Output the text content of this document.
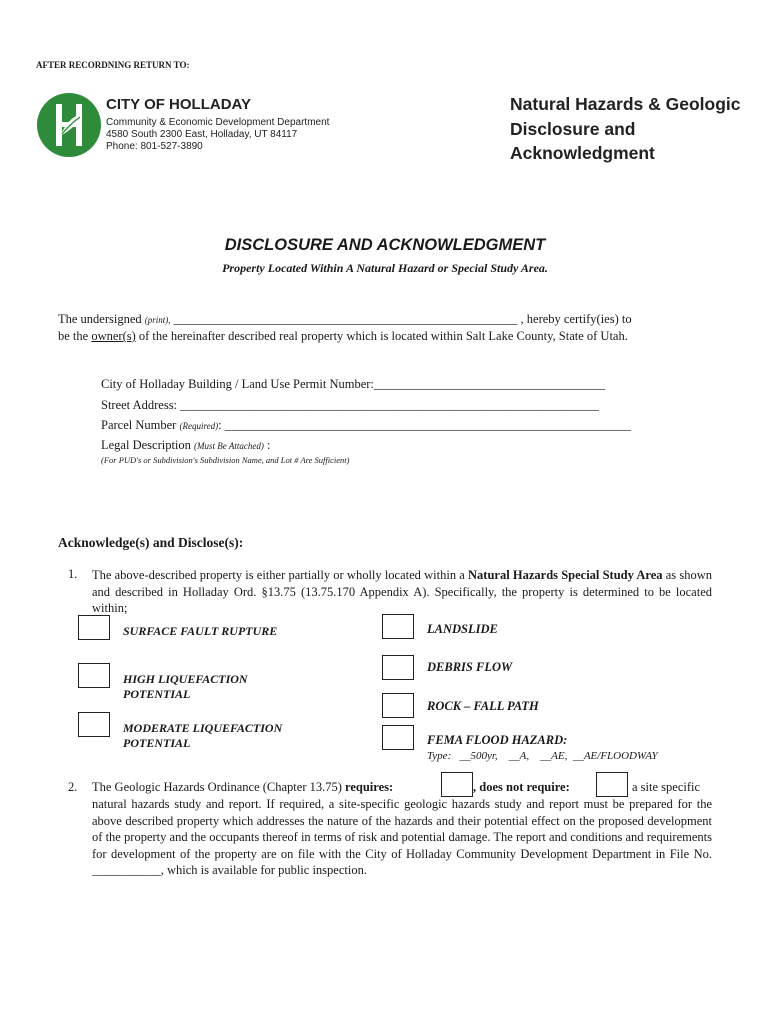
AFTER RECORDNING RETURN TO:
CITY OF HOLLADAY
Community & Economic Development Department
4580 South 2300 East, Holladay, UT 84117
Phone: 801-527-3890
Natural Hazards & Geologic
Disclosure and
Acknowledgment
DISCLOSURE AND ACKNOWLEDGMENT
Property Located Within A Natural Hazard or Special Study Area.
The undersigned (print), _______________________________________________________ , hereby certify(ies) to
be the owner(s) of the hereinafter described real property which is located within Salt Lake County, State of Utah.
City of Holladay Building / Land Use Permit Number:_____________________________________
Street Address: ___________________________________________________________________
Parcel Number (Required): _________________________________________________________________
Legal Description (Must Be Attached) :
(For PUD's or Subdivision's Subdivision Name, and Lot # Are Sufficient)
Acknowledge(s) and Disclose(s):
1. The above-described property is either partially or wholly located within a Natural Hazards Special Study Area as shown and described in Holladay Ord. §13.75 (13.75.170 Appendix A). Specifically, the property is determined to be located within;
SURFACE FAULT RUPTURE
HIGH LIQUEFACTION
POTENTIAL
MODERATE LIQUEFACTION
POTENTIAL
LANDSLIDE
DEBRIS FLOW
ROCK – FALL PATH
FEMA FLOOD HAZARD:
Type:   __500yr,    __A,    __AE,  __AE/FLOODWAY
2. The Geologic Hazards Ordinance (Chapter 13.75) requires:	, does not require:	a site specific
natural hazards study and report. If required, a site-specific geologic hazards study and report must be prepared for the above described property which addresses the nature of the hazards and their potential effect on the proposed development of the property and the occupants thereof in terms of risk and potential damage. The report and conditions and requirements for development of the property are on file with the City of Holladay Community Development Department in File No. ___________, which is available for public inspection.
